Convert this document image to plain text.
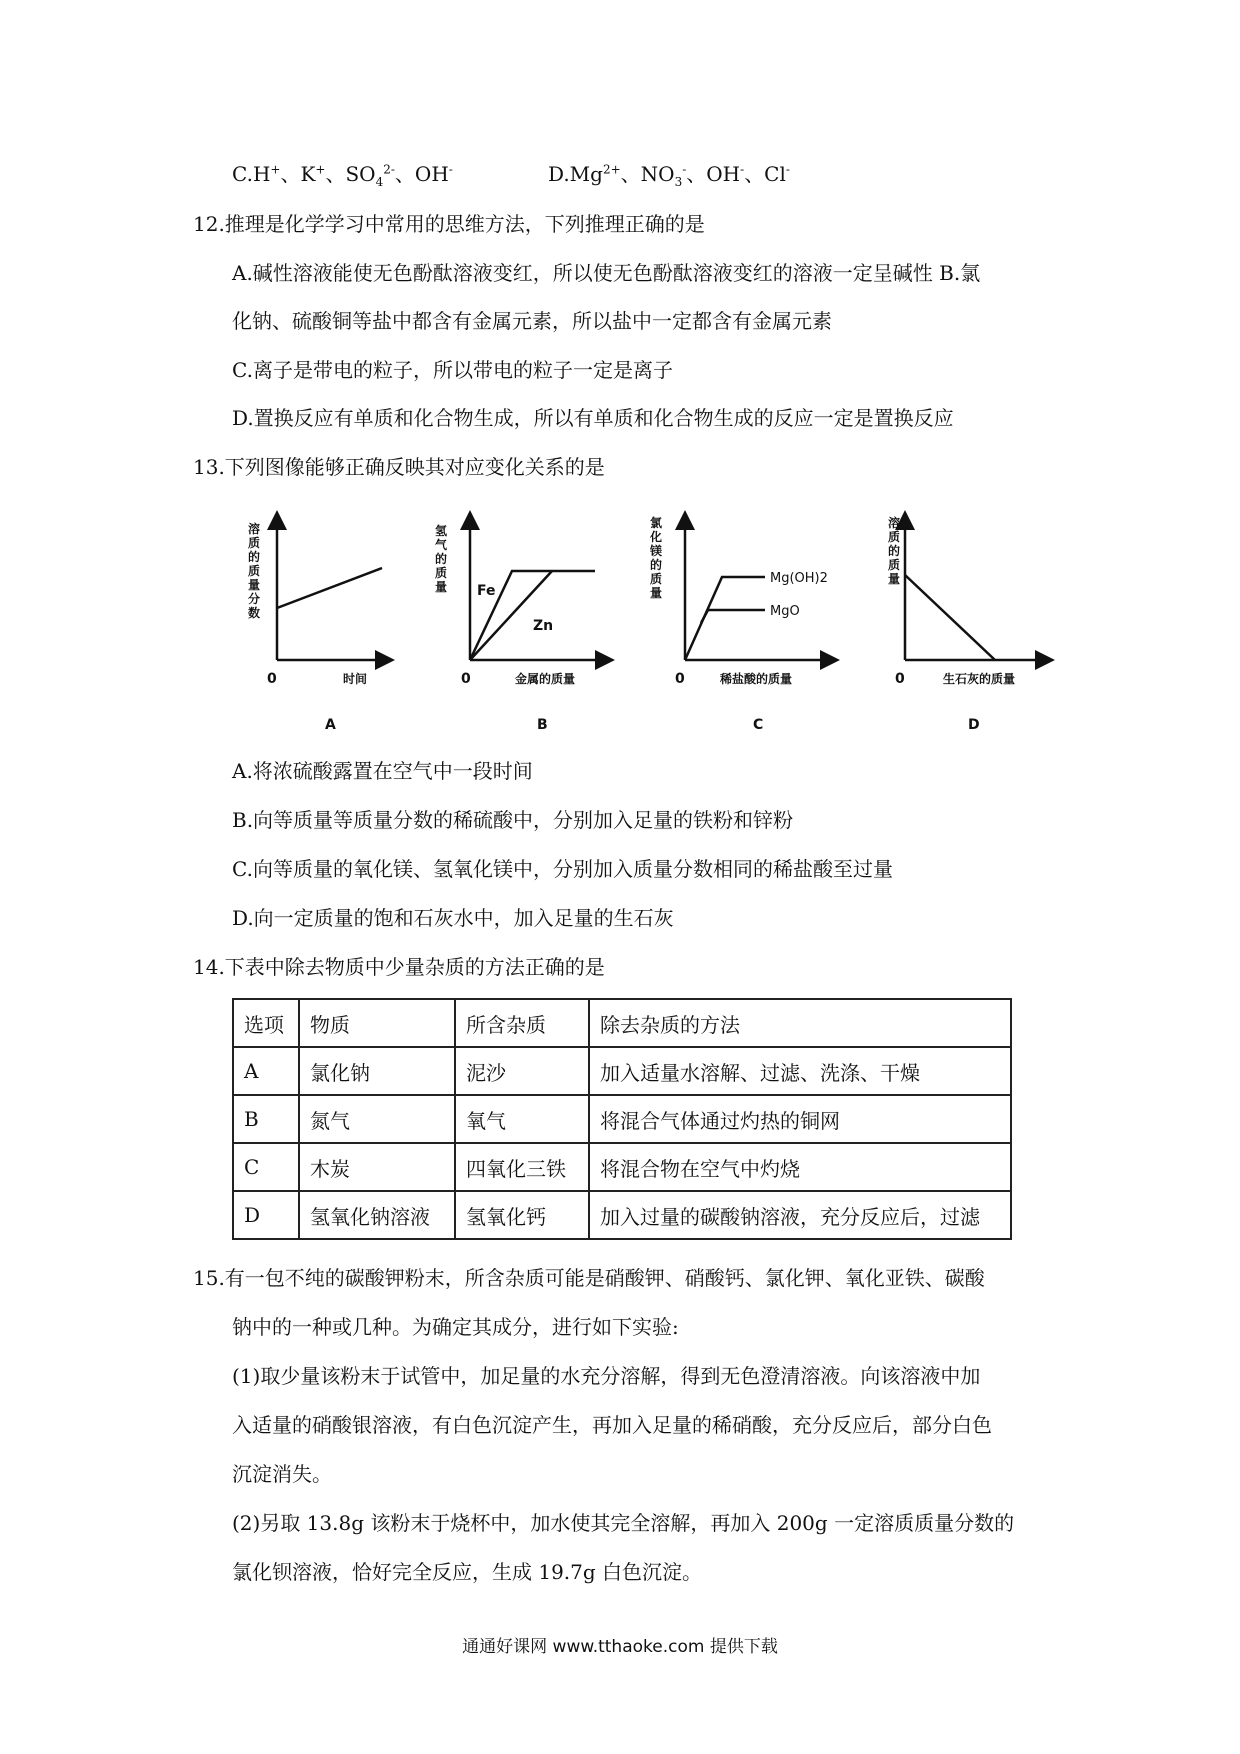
C.H+、K+、$SO_4^{2-}$、OH-	$D.Mg^{2+}$、$NO_3^-$、OH-、Cl-
12.推理是化学学习中常用的思维方法，下列推理正确的是
A.碱性溶液能使无色酚酞溶液变红，所以使无色酚酞溶液变红的溶液一定呈碱性 B.氯
化钠、硫酸铜等盐中都含有金属元素，所以盐中一定都含有金属元素
C.离子是带电的粒子，所以带电的粒子一定是离子
D.置换反应有单质和化合物生成，所以有单质和化合物生成的反应一定是置换反应
13.下列图像能够正确反映其对应变化关系的是
溶
质
的
质
量
分
数
0	时间
A
Fe
Zn
氢
气
的
质
量
0	金属的质量
B
Mg(OH)2
MgO
氯
化
镁
的
质
量
0	稀盐酸的质量
C
溶
质
的
质
量
0	生石灰的质量
D
A.将浓硫酸露置在空气中一段时间
B.向等质量等质量分数的稀硫酸中，分别加入足量的铁粉和锌粉
C.向等质量的氧化镁、氢氧化镁中，分别加入质量分数相同的稀盐酸至过量
D.向一定质量的饱和石灰水中，加入足量的生石灰
14.下表中除去物质中少量杂质的方法正确的是
选项	物质	所含杂质	除去杂质的方法
A	氯化钠	泥沙	加入适量水溶解、过滤、洗涤、干燥
B	氮气	氧气	将混合气体通过灼热的铜网
C	木炭	四氧化三铁	将混合物在空气中灼烧
D	氢氧化钠溶液	氢氧化钙	加入过量的碳酸钠溶液，充分反应后，过滤
15.有一包不纯的碳酸钾粉末，所含杂质可能是硝酸钾、硝酸钙、氯化钾、氧化亚铁、碳酸
钠中的一种或几种。为确定其成分，进行如下实验:
(1)取少量该粉末于试管中，加足量的水充分溶解，得到无色澄清溶液。向该溶液中加
入适量的硝酸银溶液，有白色沉淀产生，再加入足量的稀硝酸，充分反应后，部分白色
沉淀消失。
(2)另取 13.8g 该粉末于烧杯中，加水使其完全溶解，再加入 200g 一定溶质质量分数的
氯化钡溶液，恰好完全反应，生成 19.7g 白色沉淀。
通通好课网 www.tthaoke.com 提供下载
